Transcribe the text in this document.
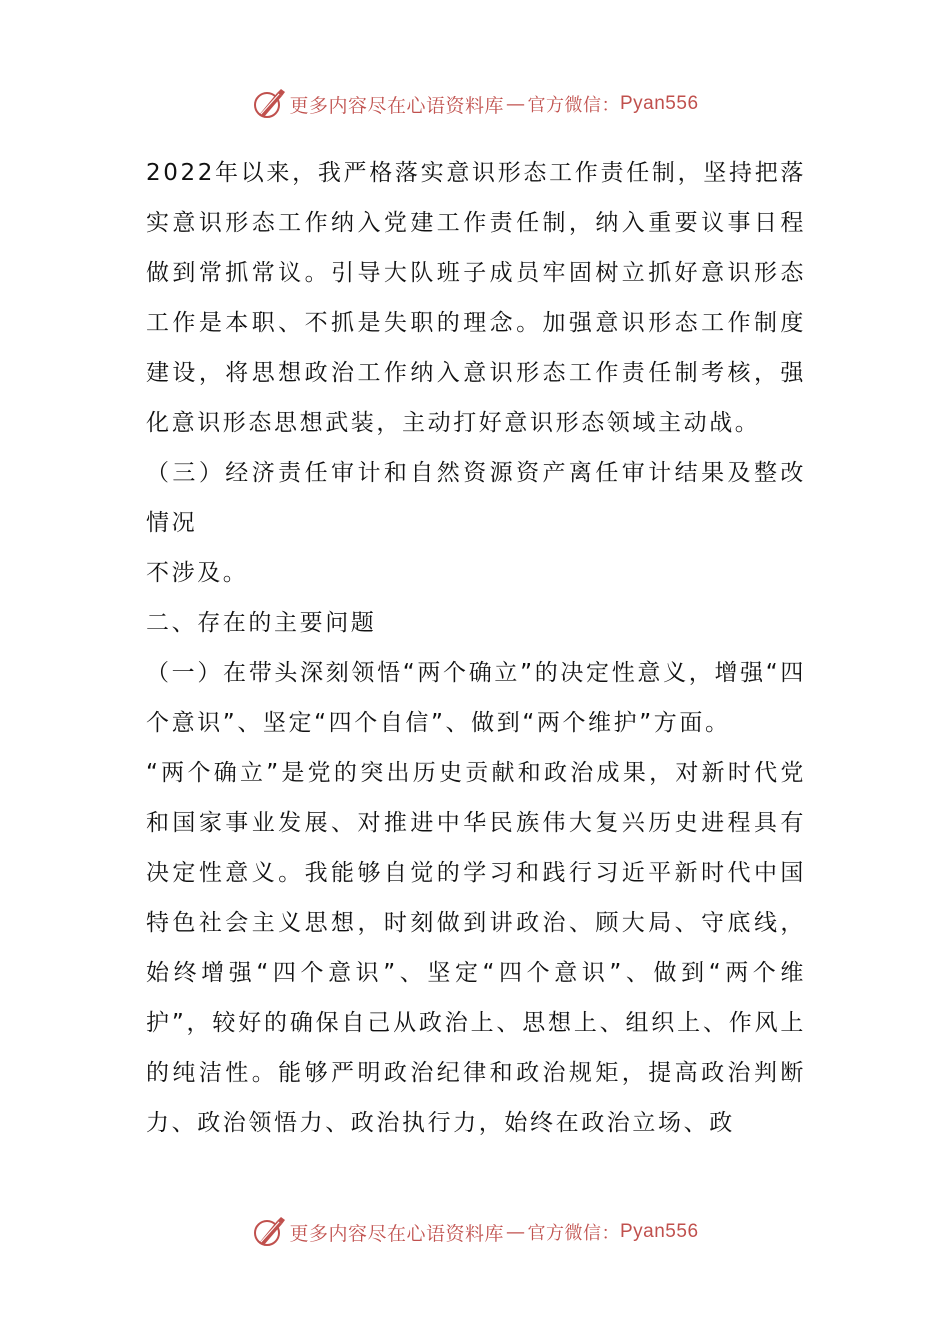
更多内容尽在心语资料库 — 官方微信： Pyan556

2022年以来，我严格落实意识形态工作责任制，坚持把落实意识形态工作纳入党建工作责任制，纳入重要议事日程做到常抓常议。引导大队班子成员牢固树立抓好意识形态工作是本职、不抓是失职的理念。加强意识形态工作制度建设，将思想政治工作纳入意识形态工作责任制考核，强化意识形态思想武装，主动打好意识形态领域主动战。

（三）经济责任审计和自然资源资产离任审计结果及整改情况

不涉及。

二、存在的主要问题

（一）在带头深刻领悟“两个确立”的决定性意义，增强“四个意识”、坚定“四个自信”、做到“两个维护”方面。

“两个确立”是党的突出历史贡献和政治成果，对新时代党和国家事业发展、对推进中华民族伟大复兴历史进程具有决定性意义。我能够自觉的学习和践行习近平新时代中国特色社会主义思想，时刻做到讲政治、顾大局、守底线，始终增强“四个意识”、坚定“四个意识”、做到“两个维护”，较好的确保自己从政治上、思想上、组织上、作风上的纯洁性。能够严明政治纪律和政治规矩，提高政治判断力、政治领悟力、政治执行力，始终在政治立场、政

更多内容尽在心语资料库 — 官方微信： Pyan556
